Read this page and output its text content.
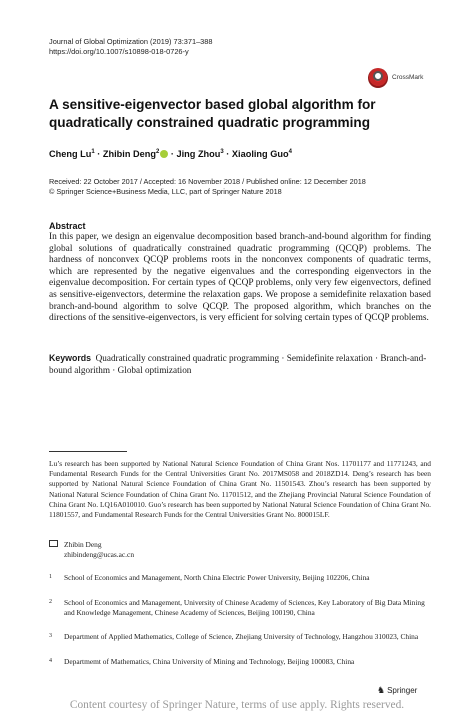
Journal of Global Optimization (2019) 73:371–388
https://doi.org/10.1007/s10898-018-0726-y
CrossMark
A sensitive-eigenvector based global algorithm for quadratically constrained quadratic programming
Cheng $Lu^1$ · Zhibin Deng$^2$ · Jing Zhou$^3$ · Xiaoling Guo$^4$
Received: 22 October 2017 / Accepted: 16 November 2018 / Published online: 12 December 2018
© Springer Science+Business Media, LLC, part of Springer Nature 2018
Abstract
In this paper, we design an eigenvalue decomposition based branch-and-bound algorithm for finding global solutions of quadratically constrained quadratic programming (QCQP) problems. The hardness of nonconvex QCQP problems roots in the nonconvex components of quadratic terms, which are represented by the negative eigenvalues and the corresponding eigenvectors in the eigenvalue decomposition. For certain types of QCQP problems, only very few eigenvectors, defined as sensitive-eigenvectors, determine the relaxation gaps. We propose a semidefinite relaxation based branch-and-bound algorithm to solve QCQP. The proposed algorithm, which branches on the directions of the sensitive-eigenvectors, is very efficient for solving certain types of QCQP problems.
Keywords Quadratically constrained quadratic programming · Semidefinite relaxation · Branch-and-bound algorithm · Global optimization
Lu’s research has been supported by National Natural Science Foundation of China Grant Nos. 11701177 and 11771243, and Fundamental Research Funds for the Central Universities Grant No. 2017MS058 and 2018ZD14. Deng’s research has been supported by National Natural Science Foundation of China Grant No. 11501543. Zhou’s research has been supported by National Natural Science Foundation of China Grant No. 11701512, and the Zhejiang Provincial Natural Science Foundation of China Grant No. LQ16A010010. Guo’s research has been supported by National Natural Science Foundation of China Grant No. 11801557, and Fundamental Research Funds for the Central Universities Grant No. 800015LF.
Zhibin Deng
zhibindeng@ucas.ac.cn
1 School of Economics and Management, North China Electric Power University, Beijing 102206, China
2 School of Economics and Management, University of Chinese Academy of Sciences, Key Laboratory of Big Data Mining and Knowledge Management, Chinese Academy of Sciences, Beijing 100190, China
3 Department of Applied Mathematics, College of Science, Zhejiang University of Technology, Hangzhou 310023, China
4 Departmemt of Mathematics, China University of Mining and Technology, Beijing 100083, China
♞ Springer
Content courtesy of Springer Nature, terms of use apply. Rights reserved.
